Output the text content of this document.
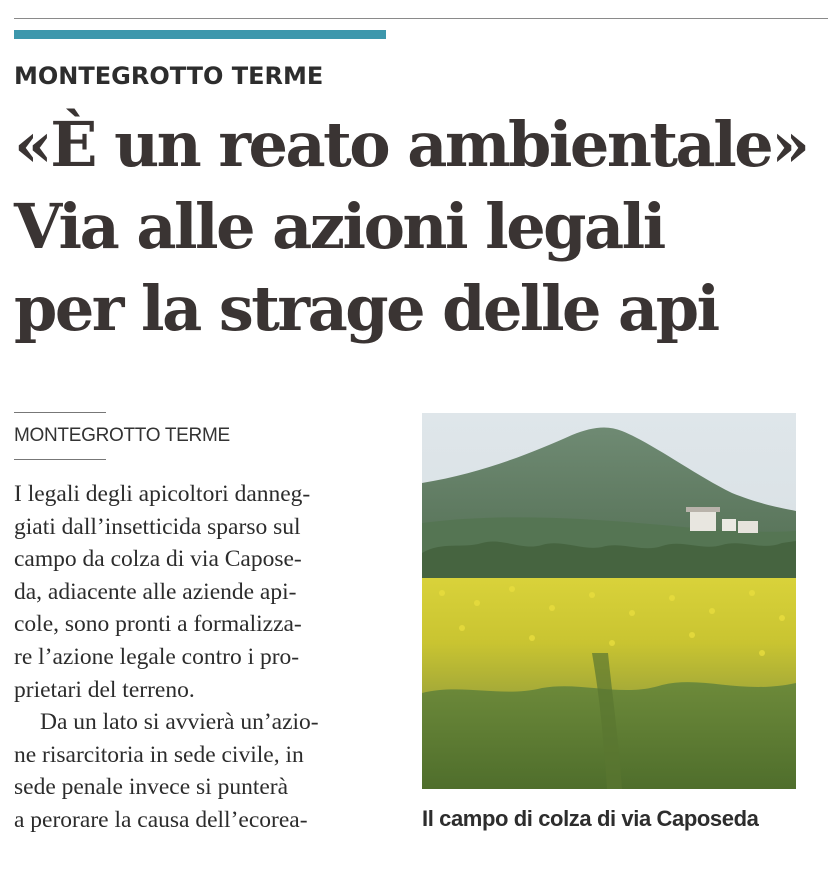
MONTEGROTTO TERME
«È un reato ambientale»
Via alle azioni legali
per la strage delle api
MONTEGROTTO TERME

I legali degli apicoltori danneg-
giati dall’insetticida sparso sul
campo da colza di via Capose-
da, adiacente alle aziende api-
cole, sono pronti a formalizza-
re l’azione legale contro i pro-
prietari del terreno.

Da un lato si avvierà un’azio-
ne risarcitoria in sede civile, in
sede penale invece si punterà
a perorare la causa dell’ecorea-	Il campo di colza di via Caposeda
